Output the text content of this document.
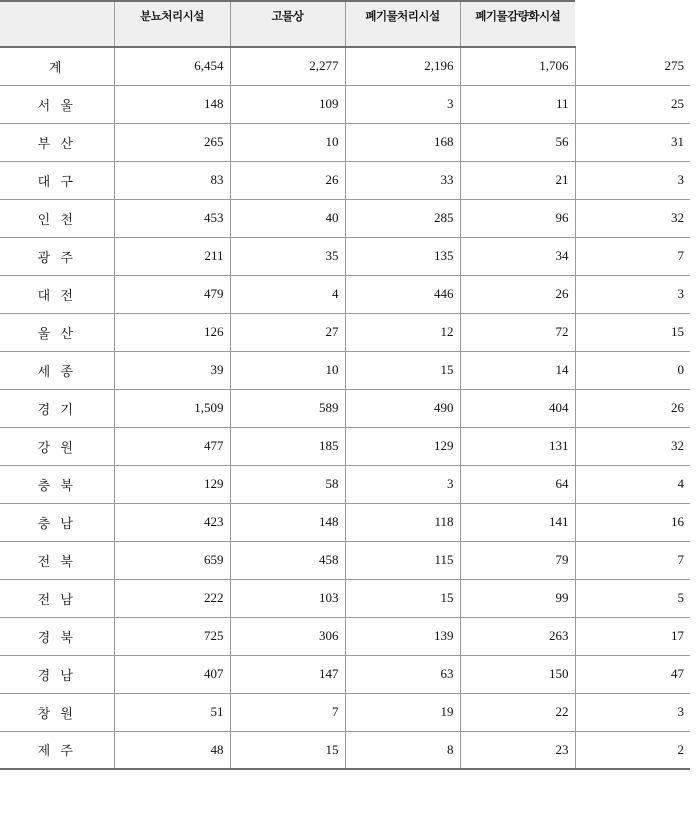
	분뇨처리시설	고물상	폐기물처리시설	폐기물감량화시설	
계	6,454	2,277	2,196	1,706	275
서 울	148	109	3	11	25
부 산	265	10	168	56	31
대 구	83	26	33	21	3
인 천	453	40	285	96	32
광 주	211	35	135	34	7
대 전	479	4	446	26	3
울 산	126	27	12	72	15
세 종	39	10	15	14	0
경 기	1,509	589	490	404	26
강 원	477	185	129	131	32
충 북	129	58	3	64	4
충 남	423	148	118	141	16
전 북	659	458	115	79	7
전 남	222	103	15	99	5
경 북	725	306	139	263	17
경 남	407	147	63	150	47
창 원	51	7	19	22	3
제 주	48	15	8	23	2
